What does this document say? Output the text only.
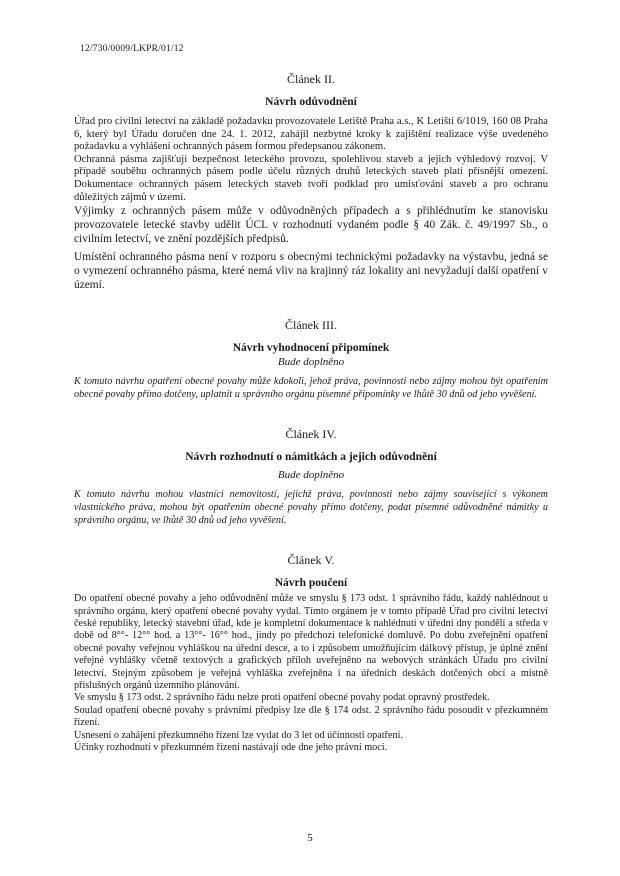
12/730/0009/LKPR/01/12
Článek II.
Návrh odůvodnění

Úřad pro civilní letectví na základě požadavku provozovatele Letiště Praha a.s., K Letišti 6/1019, 160 08 Praha 6, který byl Úřadu doručen dne 24. 1. 2012, zahájil nezbytné kroky k zajištění realizace výše uvedeného požadavku a vyhlášení ochranných pásem formou předepsanou zákonem.

Ochranná pásma zajišťují bezpečnost leteckého provozu, spolehlivou staveb a jejich výhledový rozvoj. V případě souběhu ochranných pásem podle účelu různých druhů leteckých staveb platí přísnější omezení. Dokumentace ochranných pásem leteckých staveb tvoří podklad pro umisťování staveb a pro ochranu důležitých zájmů v území.

Výjimky z ochranných pásem může v odůvodněných případech a s přihlédnutím ke stanovisku provozovatele letecké stavby udělit ÚCL v rozhodnutí vydaném podle § 40 Zák. č. 49/1997 Sb., o civilním letectví, ve znění pozdějších předpisů.

Umístění ochranného pásma není v rozporu s obecnými technickými požadavky na výstavbu, jedná se o vymezení ochranného pásma, které nemá vliv na krajinný ráz lokality ani nevyžadují další opatření v území.

Článek III.
Návrh vyhodnocení připomínek
Bude doplněno

K tomuto návrhu opatření obecné povahy může kdokoli, jehož práva, povinnosti nebo zájmy mohou být opatřením obecné povahy přímo dotčeny, uplatnit u správního orgánu písemné připomínky ve lhůtě 30 dnů od jeho vyvěšení.

Článek IV.
Návrh rozhodnutí o námitkách a jejich odůvodnění
Bude doplněno

K tomuto návrhu mohou vlastníci nemovitostí, jejichž práva, povinnosti nebo zájmy související s výkonem vlastnického práva, mohou být opatřením obecné povahy přímo dotčeny, podat písemné odůvodněné námitky u správního orgánu, ve lhůtě 30 dnů od jeho vyvěšení.

Článek V.
Návrh poučení

Do opatření obecné povahy a jeho odůvodnění může ve smyslu § 173 odst. 1 správního řádu, každý nahlédnout u správního orgánu, který opatření obecné povahy vydal. Tímto orgánem je v tomto případě Úřad pro civilní letectví české republiky, letecký stavební úřad, kde je kompletní dokumentace k nahlédnutí v úřední dny pondělí a středa v době od 8°°- 12°° hod. a 13°°- 16°° hod., jindy po předchozí telefonické domluvě. Po dobu zveřejnění opatření obecné povahy veřejnou vyhláškou na úřední desce, a to i způsobem umožňujícím dálkový přístup, je úplné znění veřejné vyhlášky včetně textových a grafických příloh uveřejněno na webových stránkách Úřadu pro civilní letectví. Stejným způsobem je veřejná vyhláška zveřejněna i na úředních deskách dotčených obcí a místně příslušných orgánů územního plánování.

Ve smyslu § 173 odst. 2 správního řádu nelze proti opatření obecné povahy podat opravný prostředek.

Soulad opatření obecné povahy s právními předpisy lze dle § 174 odst. 2 správního řádu posoudit v přezkumném řízení.

Usnesení o zahájení přezkumného řízení lze vydat do 3 let od účinnosti opatření.

Účinky rozhodnutí v přezkumném řízení nastávají ode dne jeho právní moci.

5
